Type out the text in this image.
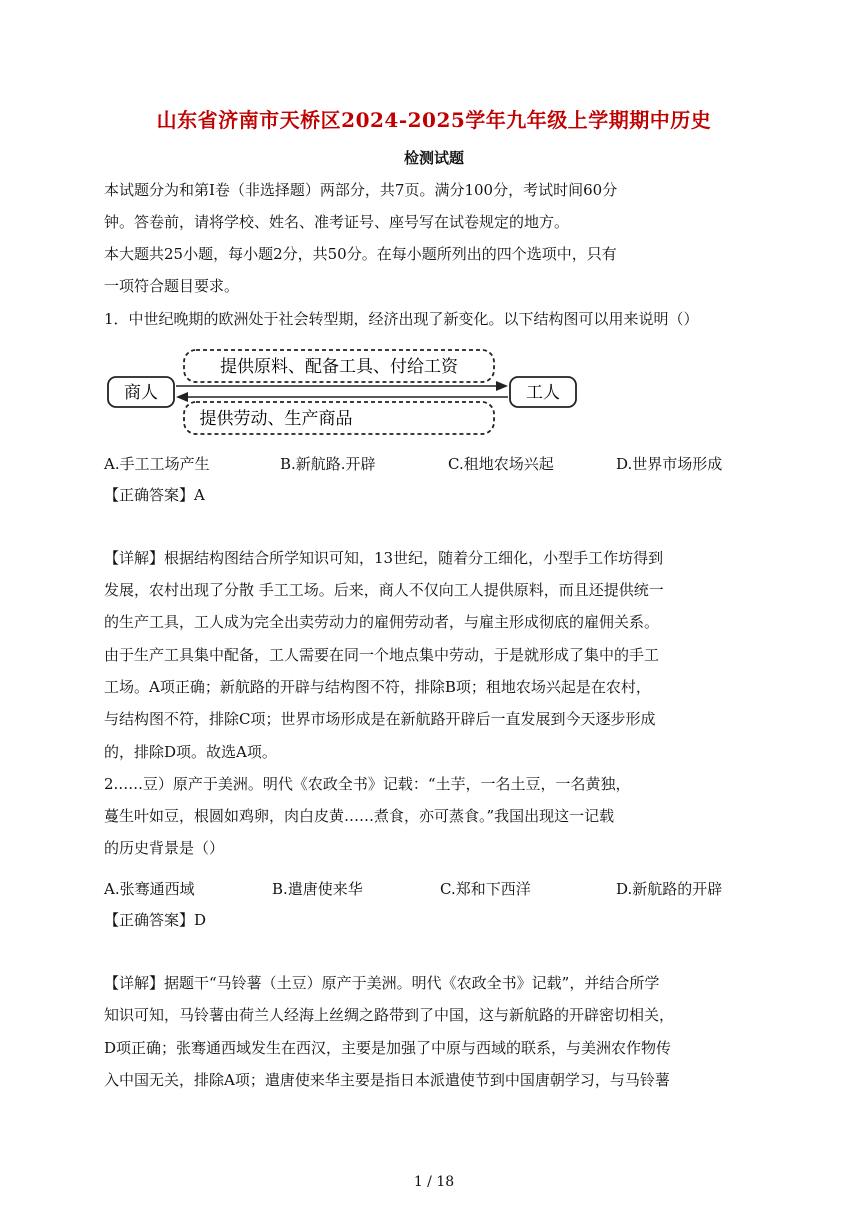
山东省济南市天桥区2024-2025学年九年级上学期期中历史
检测试题
本试题分为和第Ⅰ卷（非选择题）两部分，共7页。满分100分，考试时间60分
钟。答卷前，请将学校、姓名、准考证号、座号写在试卷规定的地方。
本大题共25小题，每小题2分，共50分。在每小题所列出的四个选项中，只有
一项符合题目要求。
1．中世纪晚期的欧洲处于社会转型期，经济出现了新变化。以下结构图可以用来说明（）
提供原料、配备工具、付给工资
提供劳动、生产商品
商人	工人
A.手工工场产生	B.新航路.开辟	C.租地农场兴起	D.世界市场形成
【正确答案】A
【详解】根据结构图结合所学知识可知，13世纪，随着分工细化，小型手工作坊得到
发展，农村出现了分散 手工工场。后来，商人不仅向工人提供原料，而且还提供统一
的生产工具，工人成为完全出卖劳动力的雇佣劳动者，与雇主形成彻底的雇佣关系。
由于生产工具集中配备，工人需要在同一个地点集中劳动，于是就形成了集中的手工
工场。A项正确；新航路的开辟与结构图不符，排除B项；租地农场兴起是在农村，
与结构图不符，排除C项；世界市场形成是在新航路开辟后一直发展到今天逐步形成
的，排除D项。故选A项。
2.…..豆）原产于美洲。明代《农政全书》记载：“土芋，一名土豆，一名黄独，
蔓生叶如豆，根圆如鸡卵，肉白皮黄……煮食，亦可蒸食。”我国出现这一记载
的历史背景是（）
A.张骞通西域	B.遣唐使来华	C.郑和下西洋	D.新航路的开辟
【正确答案】D
【详解】据题干“马铃薯（土豆）原产于美洲。明代《农政全书》记载”，并结合所学
知识可知，马铃薯由荷兰人经海上丝绸之路带到了中国，这与新航路的开辟密切相关，
D项正确；张骞通西域发生在西汉，主要是加强了中原与西域的联系，与美洲农作物传
入中国无关，排除A项；遣唐使来华主要是指日本派遣使节到中国唐朝学习，与马铃薯
1 / 18
